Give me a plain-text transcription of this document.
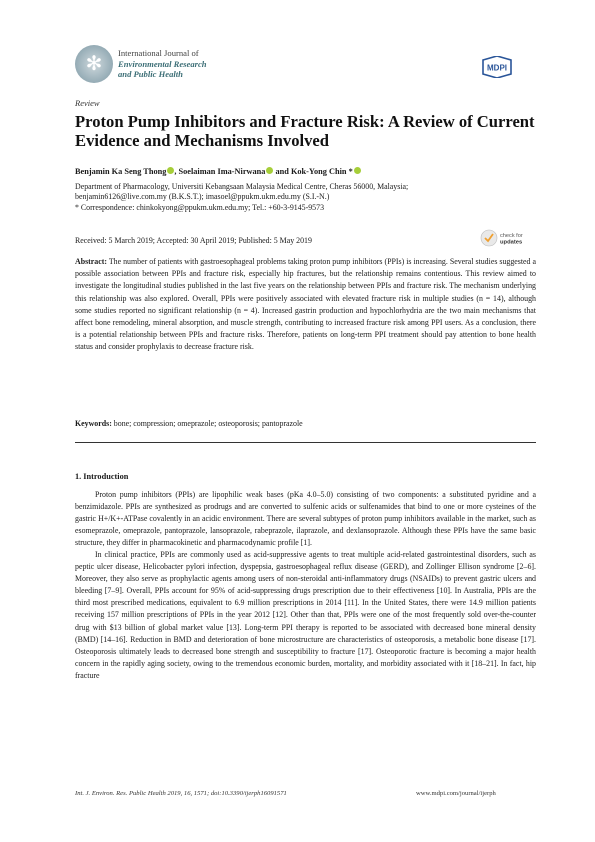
✻ International Journal of
Environmental Research
and Public Health
MDPI
Review
Proton Pump Inhibitors and Fracture Risk: A Review of Current Evidence and Mechanisms Involved
Benjamin Ka Seng Thong , Soelaiman Ima-Nirwana and Kok-Yong Chin *
Department of Pharmacology, Universiti Kebangsaan Malaysia Medical Centre, Cheras 56000, Malaysia;
benjamin6126@live.com.my (B.K.S.T.); imasoel@ppukm.ukm.edu.my (S.I.-N.)
* Correspondence: chinkokyong@ppukm.ukm.edu.my; Tel.: +60-3-9145-9573
Received: 5 March 2019; Accepted: 30 April 2019; Published: 5 May 2019	check for
updates
Abstract: The number of patients with gastroesophageal problems taking proton pump inhibitors (PPIs) is increasing. Several studies suggested a possible association between PPIs and fracture risk, especially hip fractures, but the relationship remains contentious. This review aimed to investigate the longitudinal studies published in the last five years on the relationship between PPIs and fracture risk. The mechanism underlying this relationship was also explored. Overall, PPIs were positively associated with elevated fracture risk in multiple studies (n = 14), although some studies reported no significant relationship (n = 4). Increased gastrin production and hypochlorhydria are the two main mechanisms that affect bone remodeling, mineral absorption, and muscle strength, contributing to increased fracture risk among PPI users. As a conclusion, there is a potential relationship between PPIs and fracture risks. Therefore, patients on long-term PPI treatment should pay attention to bone health status and consider prophylaxis to decrease fracture risk.
Keywords: bone; compression; omeprazole; osteoporosis; pantoprazole
1. Introduction

Proton pump inhibitors (PPIs) are lipophilic weak bases (pKa 4.0–5.0) consisting of two components: a substituted pyridine and a benzimidazole. PPIs are synthesized as prodrugs and are converted to sulfenic acids or sulfenamides that bind to one or more cysteines of the gastric H+/K+-ATPase covalently in an acidic environment. There are several subtypes of proton pump inhibitors available in the market, such as esomeprazole, omeprazole, pantoprazole, lansoprazole, rabeprazole, ilaprazole, and dexlansoprazole. Although these PPIs have the same basic structure, they differ in pharmacokinetic and pharmacodynamic profile [1].

In clinical practice, PPIs are commonly used as acid-suppressive agents to treat multiple acid-related gastrointestinal disorders, such as peptic ulcer disease, Helicobacter pylori infection, dyspepsia, gastroesophageal reflux disease (GERD), and Zollinger Ellison syndrome [2–6]. Moreover, they also serve as prophylactic agents among users of non-steroidal anti-inflammatory drugs (NSAIDs) to prevent gastric ulcers and bleeding [7–9]. Overall, PPIs account for 95% of acid-suppressing drugs prescription due to their effectiveness [10]. In Australia, PPIs are the third most prescribed medications, equivalent to 6.9 million prescriptions in 2014 [11]. In the United States, there were 14.9 million patients receiving 157 million prescriptions of PPIs in the year 2012 [12]. Other than that, PPIs were one of the most frequently sold over-the-counter drug with $13 billion of global market value [13]. Long-term PPI therapy is reported to be associated with decreased bone mineral density (BMD) [14–16]. Reduction in BMD and deterioration of bone microstructure are characteristics of osteoporosis, a metabolic bone disease [17]. Osteoporosis ultimately leads to decreased bone strength and susceptibility to fracture [17]. Osteoporotic fracture is becoming a major health concern in the rapidly aging society, owing to the tremendous economic burden, mortality, and morbidity associated with it [18–21]. In fact, hip fracture

Int. J. Environ. Res. Public Health 2019, 16, 1571; doi:10.3390/ijerph16091571	www.mdpi.com/journal/ijerph
